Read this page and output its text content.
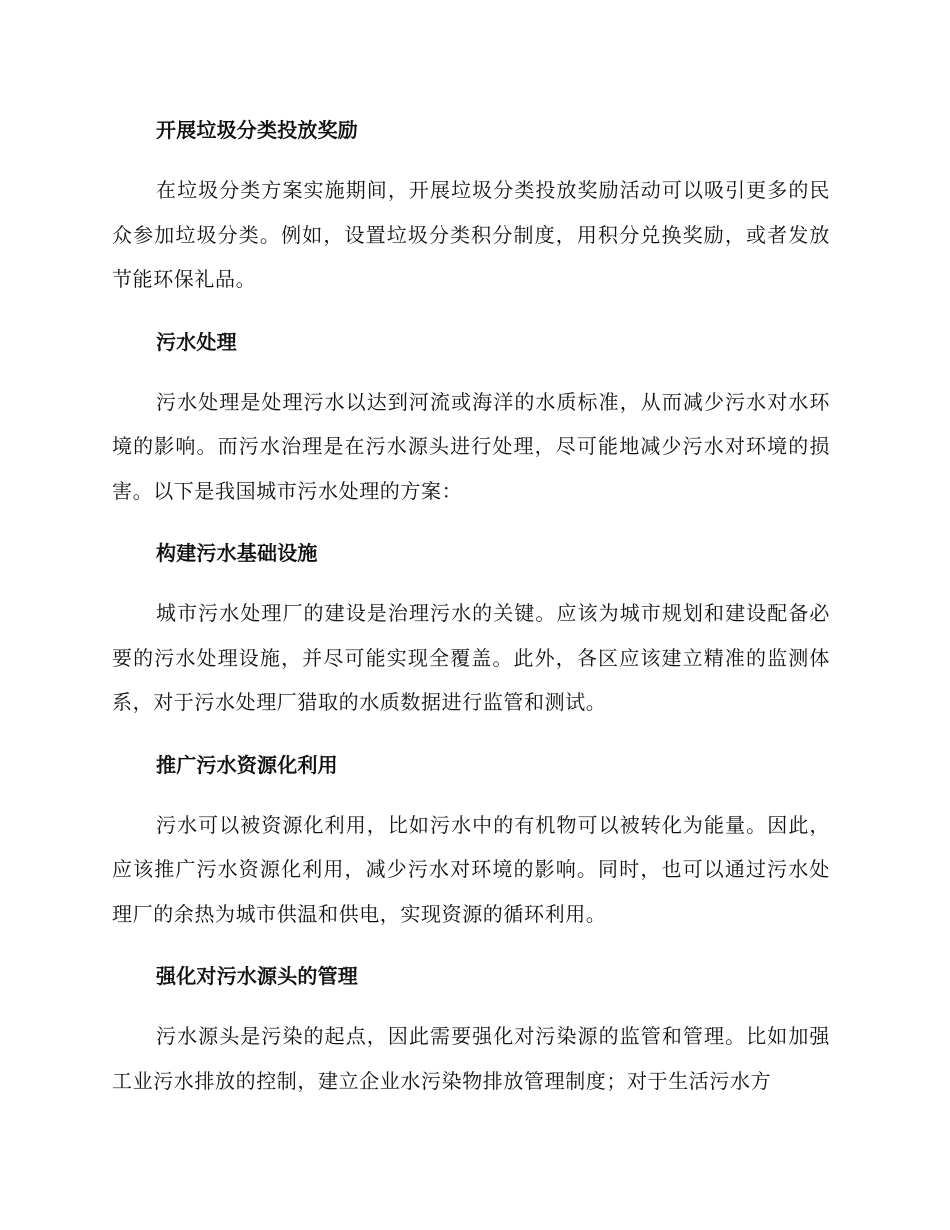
开展垃圾分类投放奖励

在垃圾分类方案实施期间，开展垃圾分类投放奖励活动可以吸引更多的民众参加垃圾分类。例如，设置垃圾分类积分制度，用积分兑换奖励，或者发放节能环保礼品。

污水处理

污水处理是处理污水以达到河流或海洋的水质标准，从而减少污水对水环境的影响。而污水治理是在污水源头进行处理，尽可能地减少污水对环境的损害。以下是我国城市污水处理的方案：

构建污水基础设施

城市污水处理厂的建设是治理污水的关键。应该为城市规划和建设配备必要的污水处理设施，并尽可能实现全覆盖。此外，各区应该建立精准的监测体系，对于污水处理厂猎取的水质数据进行监管和测试。

推广污水资源化利用

污水可以被资源化利用，比如污水中的有机物可以被转化为能量。因此，应该推广污水资源化利用，减少污水对环境的影响。同时，也可以通过污水处理厂的余热为城市供温和供电，实现资源的循环利用。

强化对污水源头的管理

污水源头是污染的起点，因此需要强化对污染源的监管和管理。比如加强工业污水排放的控制，建立企业水污染物排放管理制度；对于生活污水方
